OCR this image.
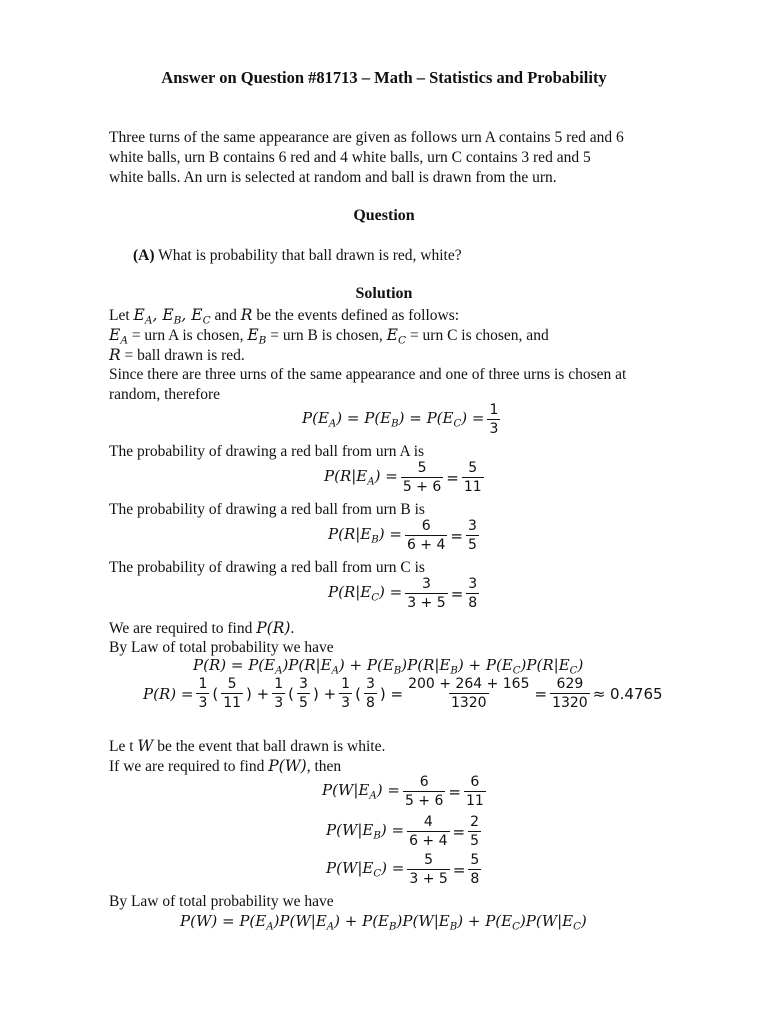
Answer on Question #81713 – Math – Statistics and Probability
Three turns of the same appearance are given as follows urn A contains 5 red and 6
white balls, urn B contains 6 red and 4 white balls, urn C contains 3 red and 5
white balls. An urn is selected at random and ball is drawn from the urn.
Question
(A) What is probability that ball drawn is red, white?
Solution
Let $E_A$, $E_B$, $E_C$ and R be the events defined as follows:
$E_A$ = urn A is chosen, $E_B$ = urn B is chosen, $E_C$ = urn C is chosen, and
R = ball drawn is red.
Since there are three urns of the same appearance and one of three urns is chosen at
random, therefore
$P(E_A) = P(E_B) = P(E_C) = \frac{1}{3}$
The probability of drawing a red ball from urn A is
$P(R|E_A) = \frac{5}{5 + 6} = \frac{5}{11}$
The probability of drawing a red ball from urn B is
$P(R|E_B) = \frac{6}{6 + 4} = \frac{3}{5}$
The probability of drawing a red ball from urn C is
$P(R|E_C) = \frac{3}{3 + 5} = \frac{3}{8}$
We are required to find P(R).
By Law of total probability we have
$P(R) = P(E_A)P(R|E_A) + P(E_B)P(R|E_B) + P(E_C)P(R|E_C)$
$P(R) = \frac{1}{3}$ ( $\frac{5}{11}$ ) + $\frac{1}{3}$ ( $\frac{3}{5}$ ) + $\frac{1}{3}$ ( $\frac{3}{8}$ ) = $\frac{200 + 264 + 165}{1320} = \frac{629}{1320} \approx 0.4765$
Le t W be the event that ball drawn is white.
If we are required to find P(W), then
$P(W|E_A) = \frac{6}{5 + 6} = \frac{6}{11}$
$P(W|E_B) = \frac{4}{6 + 4} = \frac{2}{5}$
$P(W|E_C) = \frac{5}{3 + 5} = \frac{5}{8}$
By Law of total probability we have
$P(W) = P(E_A)P(W|E_A) + P(E_B)P(W|E_B) + P(E_C)P(W|E_C)$
